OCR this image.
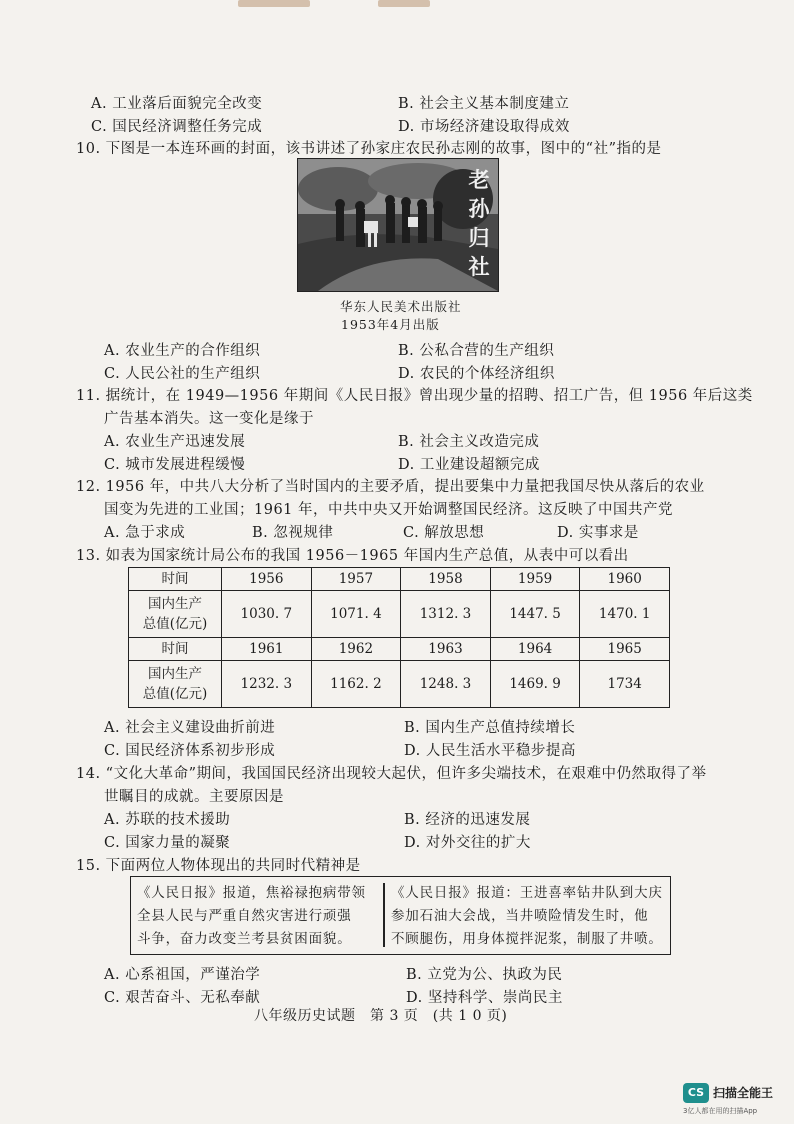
A. 工业落后面貌完全改变	B. 社会主义基本制度建立
C. 国民经济调整任务完成	D. 市场经济建设取得成效
10. 下图是一本连环画的封面，该书讲述了孙家庄农民孙志刚的故事，图中的“社”指的是
老
孙
归
社
华东人民美术出版社
1953年4月出版
A. 农业生产的合作组织	B. 公私合营的生产组织
C. 人民公社的生产组织	D. 农民的个体经济组织
11. 据统计，在 1949—1956 年期间《人民日报》曾出现少量的招聘、招工广告，但 1956 年后这类
广告基本消失。这一变化是缘于
A. 农业生产迅速发展	B. 社会主义改造完成
C. 城市发展进程缓慢	D. 工业建设超额完成
12. 1956 年，中共八大分析了当时国内的主要矛盾，提出要集中力量把我国尽快从落后的农业
国变为先进的工业国；1961 年，中共中央又开始调整国民经济。这反映了中国共产党
A. 急于求成	B. 忽视规律	C. 解放思想	D. 实事求是
13. 如表为国家统计局公布的我国 1956－1965 年国内生产总值，从表中可以看出
时间	1956	1957	1958	1959	1960

国内生产
总值(亿元)	1030. 7	1071. 4	1312. 3	1447. 5	1470. 1
时间	1961	1962	1963	1964	1965

国内生产
总值(亿元)	1232. 3	1162. 2	1248. 3	1469. 9	1734
A. 社会主义建设曲折前进	B. 国内生产总值持续增长
C. 国民经济体系初步形成	D. 人民生活水平稳步提高
14. “文化大革命”期间，我国国民经济出现较大起伏，但许多尖端技术，在艰难中仍然取得了举
世瞩目的成就。主要原因是
A. 苏联的技术援助	B. 经济的迅速发展
C. 国家力量的凝聚	D. 对外交往的扩大
15. 下面两位人物体现出的共同时代精神是
《人民日报》报道，焦裕禄抱病带领
全县人民与严重自然灾害进行顽强
斗争，奋力改变兰考县贫困面貌。
《人民日报》报道：王进喜率钻井队到大庆
参加石油大会战，当井喷险情发生时，他
不顾腿伤，用身体搅拌泥浆，制服了井喷。
A. 心系祖国，严谨治学	B. 立党为公、执政为民
C. 艰苦奋斗、无私奉献	D. 坚持科学、崇尚民主
八年级历史试题　第 3 页　(共 1 0 页)
CS 扫描全能王
3亿人都在用的扫描App
